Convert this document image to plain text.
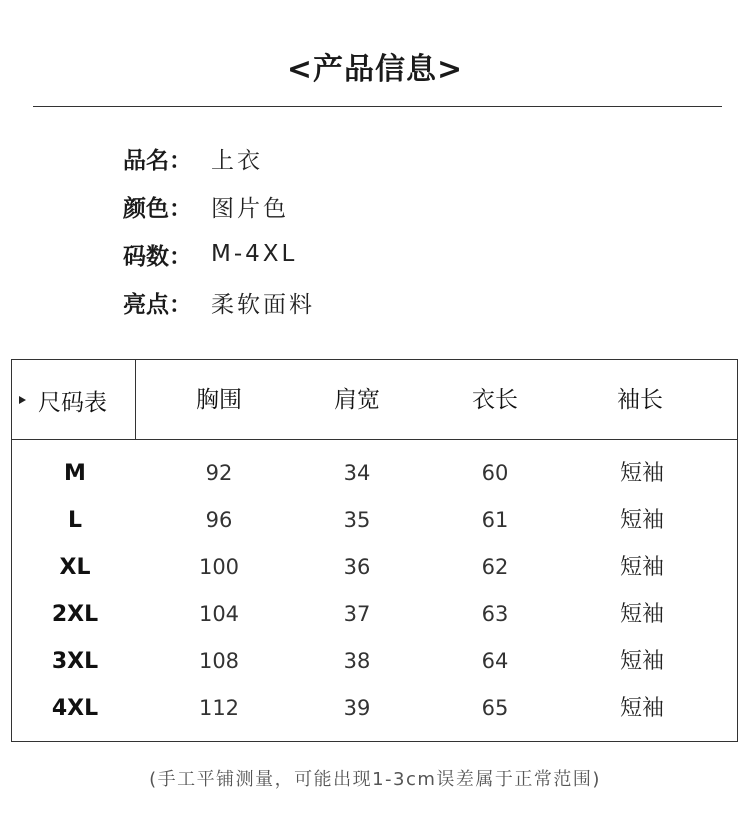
<产品信息>
品名： 上衣
颜色： 图片色
码数： M-4XL
亮点： 柔软面料
尺码表	胸围	肩宽	衣长	袖长
M	92	34	60	短袖
L	96	35	61	短袖
XL	100	36	62	短袖
2XL	104	37	63	短袖
3XL	108	38	64	短袖
4XL	112	39	65	短袖
(手工平铺测量，可能出现1-3cm误差属于正常范围)
